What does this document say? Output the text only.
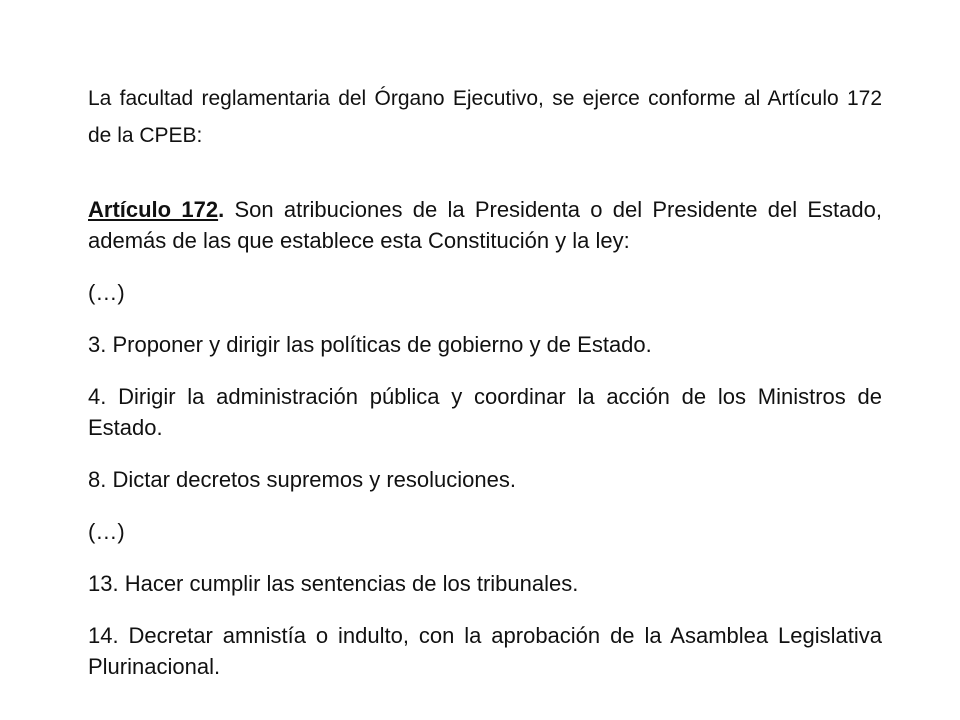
La facultad reglamentaria del Órgano Ejecutivo, se ejerce conforme al Artículo 172 de la CPEB:

Artículo 172. Son atribuciones de la Presidenta o del Presidente del Estado, además de las que establece esta Constitución y la ley:

(…)

3. Proponer y dirigir las políticas de gobierno y de Estado.

4. Dirigir la administración pública y coordinar la acción de los Ministros de Estado.

8. Dictar decretos supremos y resoluciones.

(…)

13. Hacer cumplir las sentencias de los tribunales.

14. Decretar amnistía o indulto, con la aprobación de la Asamblea Legislativa Plurinacional.
